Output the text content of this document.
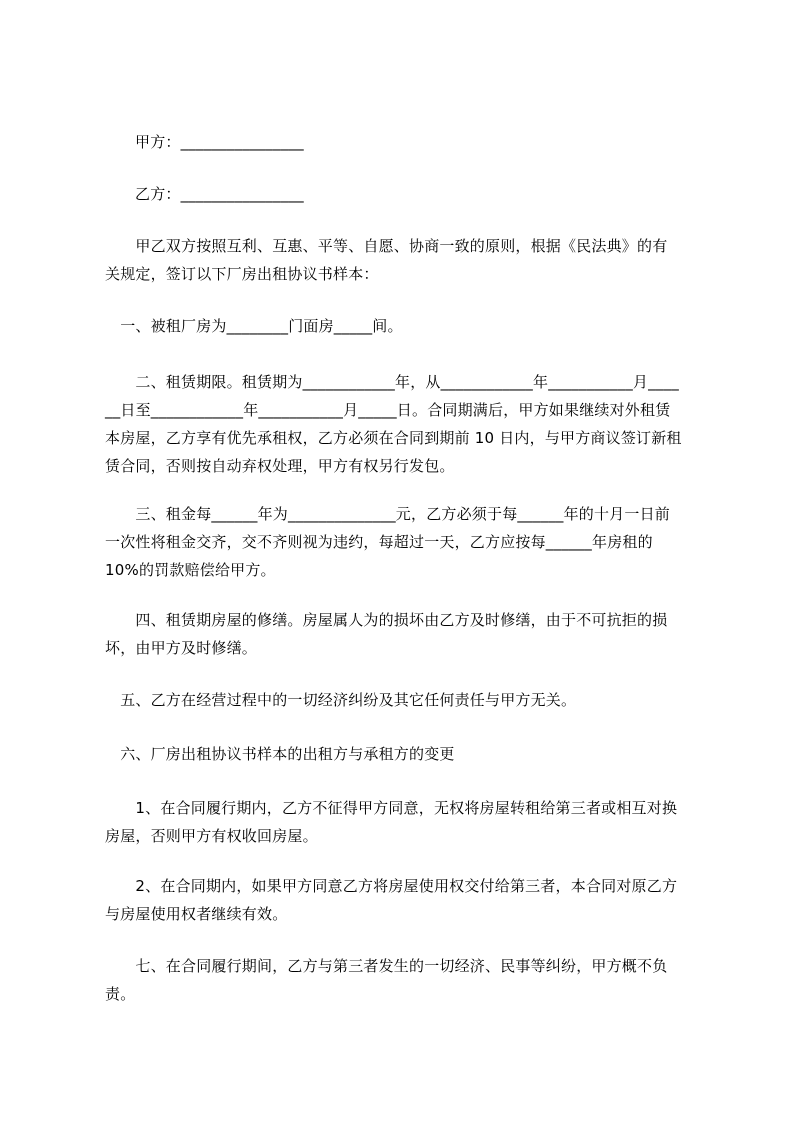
甲方：________________
乙方：________________
　　甲乙双方按照互利、互惠、平等、自愿、协商一致的原则，根据《民法典》的有
关规定，签订以下厂房出租协议书样本：
　一、被租厂房为________门面房_____间。
　　二、租赁期限。租赁期为____________年，从____________年___________月____
__日至____________年___________月_____日。合同期满后，甲方如果继续对外租赁
本房屋，乙方享有优先承租权，乙方必须在合同到期前 10 日内，与甲方商议签订新租
赁合同，否则按自动弃权处理，甲方有权另行发包。
　　三、租金每______年为______________元，乙方必须于每______年的十月一日前
一次性将租金交齐，交不齐则视为违约，每超过一天，乙方应按每______年房租的
10%的罚款赔偿给甲方。
　　四、租赁期房屋的修缮。房屋属人为的损坏由乙方及时修缮，由于不可抗拒的损
坏，由甲方及时修缮。
　五、乙方在经营过程中的一切经济纠纷及其它任何责任与甲方无关。
　六、厂房出租协议书样本的出租方与承租方的变更
　　1、在合同履行期内，乙方不征得甲方同意，无权将房屋转租给第三者或相互对换
房屋，否则甲方有权收回房屋。
　　2、在合同期内，如果甲方同意乙方将房屋使用权交付给第三者，本合同对原乙方
与房屋使用权者继续有效。
　　七、在合同履行期间，乙方与第三者发生的一切经济、民事等纠纷，甲方概不负
责。
